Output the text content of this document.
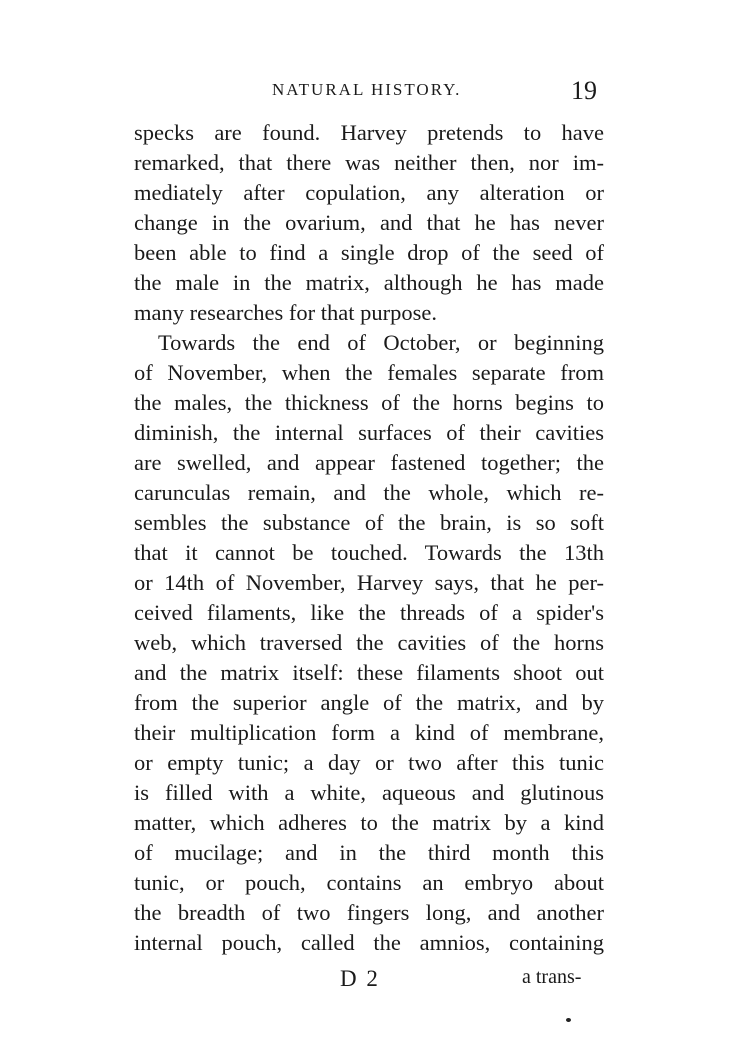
NATURAL HISTORY.	19
specks are found. Harvey pretends to have
remarked, that there was neither then, nor im-
mediately after copulation, any alteration or
change in the ovarium, and that he has never
been able to find a single drop of the seed of
the male in the matrix, although he has made
many researches for that purpose.
Towards the end of October, or beginning
of November, when the females separate from
the males, the thickness of the horns begins to
diminish, the internal surfaces of their cavities
are swelled, and appear fastened together; the
carunculas remain, and the whole, which re-
sembles the substance of the brain, is so soft
that it cannot be touched. Towards the 13th
or 14th of November, Harvey says, that he per-
ceived filaments, like the threads of a spider's
web, which traversed the cavities of the horns
and the matrix itself: these filaments shoot out
from the superior angle of the matrix, and by
their multiplication form a kind of membrane,
or empty tunic; a day or two after this tunic
is filled with a white, aqueous and glutinous
matter, which adheres to the matrix by a kind
of mucilage; and in the third month this
tunic, or pouch, contains an embryo about
the breadth of two fingers long, and another
internal pouch, called the amnios, containing
D 2	a trans-
